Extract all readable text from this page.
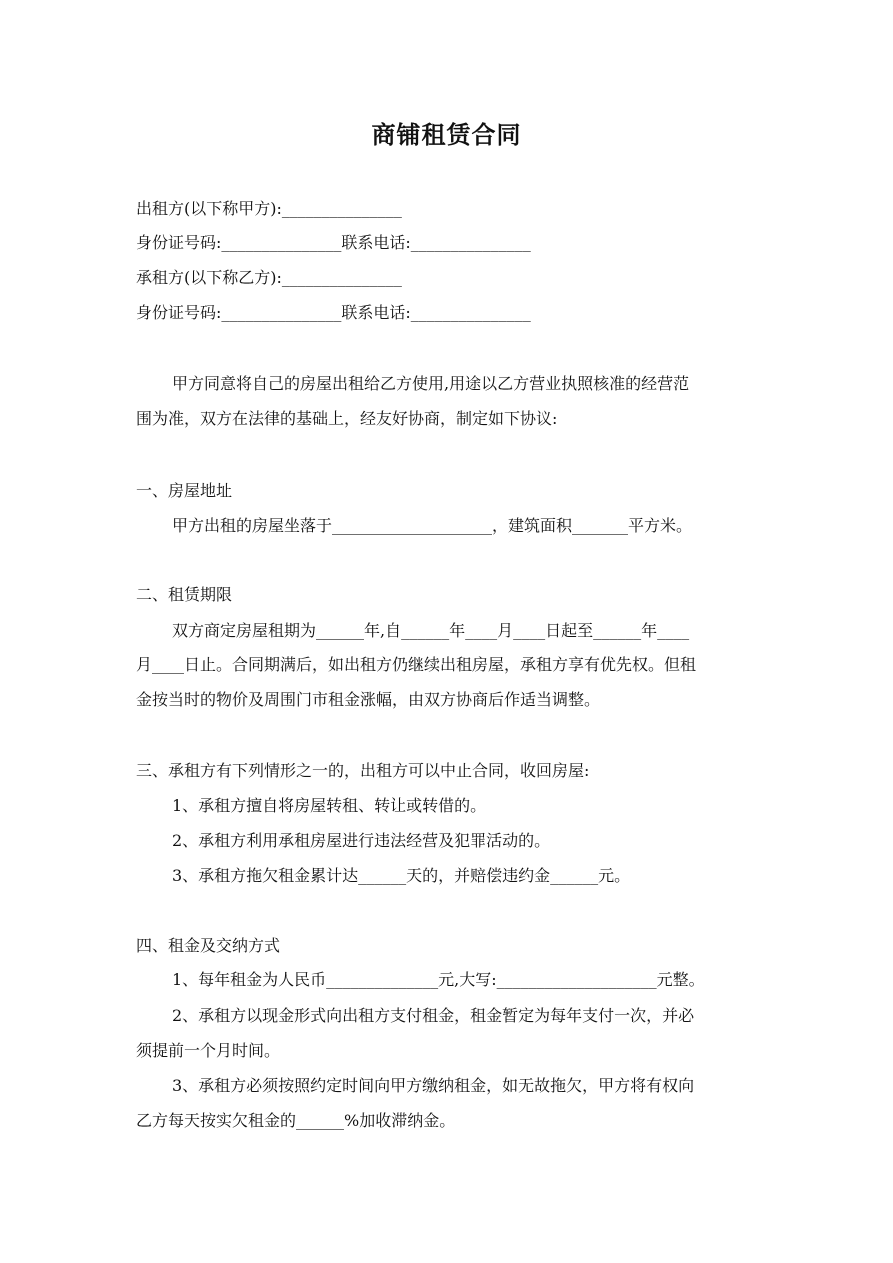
商铺租赁合同
出租方(以下称甲方):_______________
身份证号码:_______________联系电话:_______________
承租方(以下称乙方):_______________
身份证号码:_______________联系电话:_______________
甲方同意将自己的房屋出租给乙方使用,用途以乙方营业执照核准的经营范
围为准，双方在法律的基础上，经友好协商，制定如下协议:
一、房屋地址
甲方出租的房屋坐落于____________________，建筑面积_______平方米。
二、租赁期限
双方商定房屋租期为______年,自______年____月____日起至______年____
月____日止。合同期满后，如出租方仍继续出租房屋，承租方享有优先权。但租
金按当时的物价及周围门市租金涨幅，由双方协商后作适当调整。
三、承租方有下列情形之一的，出租方可以中止合同，收回房屋:
1、承租方擅自将房屋转租、转让或转借的。
2、承租方利用承租房屋进行违法经营及犯罪活动的。
3、承租方拖欠租金累计达______天的，并赔偿违约金______元。
四、租金及交纳方式
1、每年租金为人民币______________元,大写:____________________元整。
2、承租方以现金形式向出租方支付租金，租金暂定为每年支付一次，并必
须提前一个月时间。
3、承租方必须按照约定时间向甲方缴纳租金，如无故拖欠，甲方将有权向
乙方每天按实欠租金的______%加收滞纳金。
